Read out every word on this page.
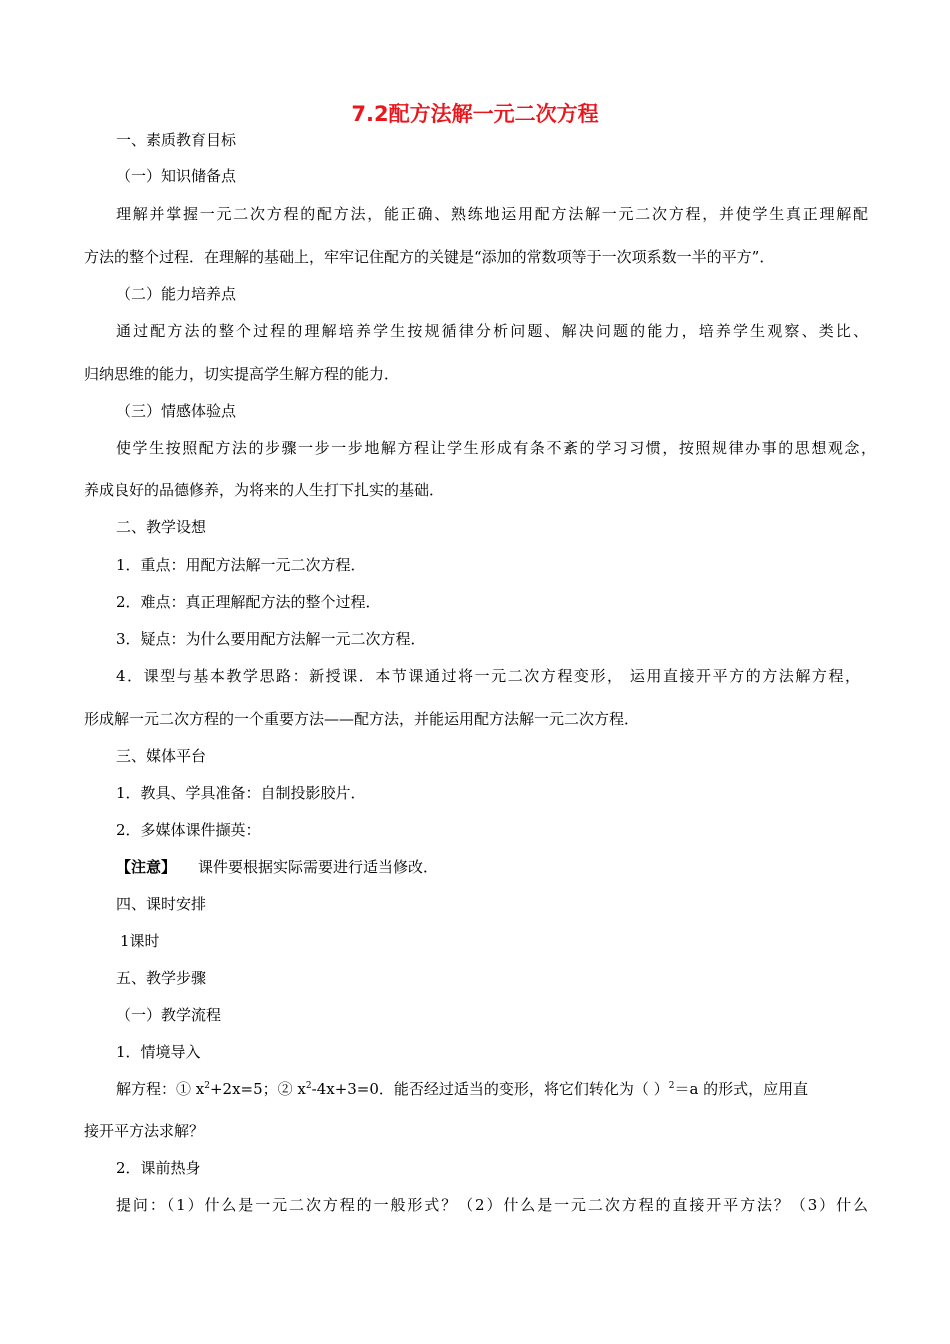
7.2配方法解一元二次方程
一、素质教育目标
（一）知识储备点
理解并掌握一元二次方程的配方法，能正确、熟练地运用配方法解一元二次方程，并使学生真正理解配
方法的整个过程．在理解的基础上，牢牢记住配方的关键是“添加的常数项等于一次项系数一半的平方”．
（二）能力培养点
通过配方法的整个过程的理解培养学生按规循律分析问题、解决问题的能力，培养学生观察、类比、
归纳思维的能力，切实提高学生解方程的能力．
（三）情感体验点
使学生按照配方法的步骤一步一步地解方程让学生形成有条不紊的学习习惯，按照规律办事的思想观念，
养成良好的品德修养，为将来的人生打下扎实的基础．
二、教学设想
1．重点：用配方法解一元二次方程．
2．难点：真正理解配方法的整个过程．
3．疑点：为什么要用配方法解一元二次方程．
4．课型与基本教学思路：新授课．本节课通过将一元二次方程变形， 运用直接开平方的方法解方程，
形成解一元二次方程的一个重要方法——配方法，并能运用配方法解一元二次方程．
三、媒体平台
1．教具、学具准备：自制投影胶片．
2．多媒体课件撷英：
【注意】 课件要根据实际需要进行适当修改．
四、课时安排
1课时
五、教学步骤
（一）教学流程
1．情境导入
解方程：① $x^2+2x=5$；② $x^2-4x+3=0$．能否经过适当的变形，将它们转化为（ ）$^2$＝a 的形式，应用直
接开平方法求解？
2．课前热身
提问：（1）什么是一元二次方程的一般形式？（2）什么是一元二次方程的直接开平方法？（3）什么
